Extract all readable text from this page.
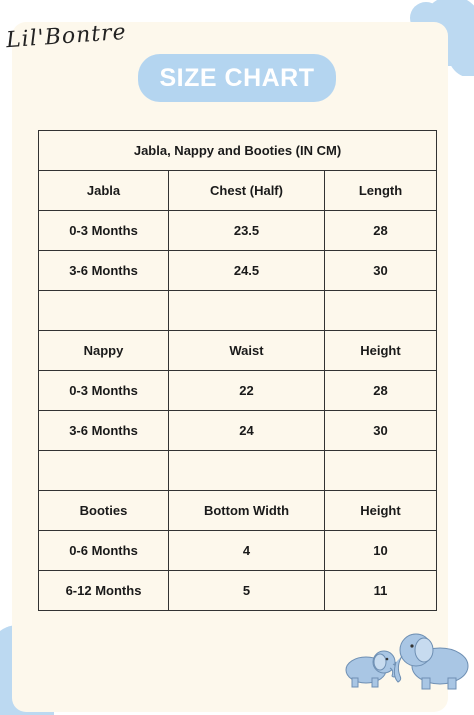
Lil'Bontre
SIZE CHART
Jabla, Nappy and Booties (IN CM)		
Jabla	Chest (Half)	Length
0-3 Months	23.5	28
3-6 Months	24.5	30

Nappy	Waist	Height
0-3 Months	22	28
3-6 Months	24	30

Booties	Bottom Width	Height
0-6 Months	4	10
6-12 Months	5	11
